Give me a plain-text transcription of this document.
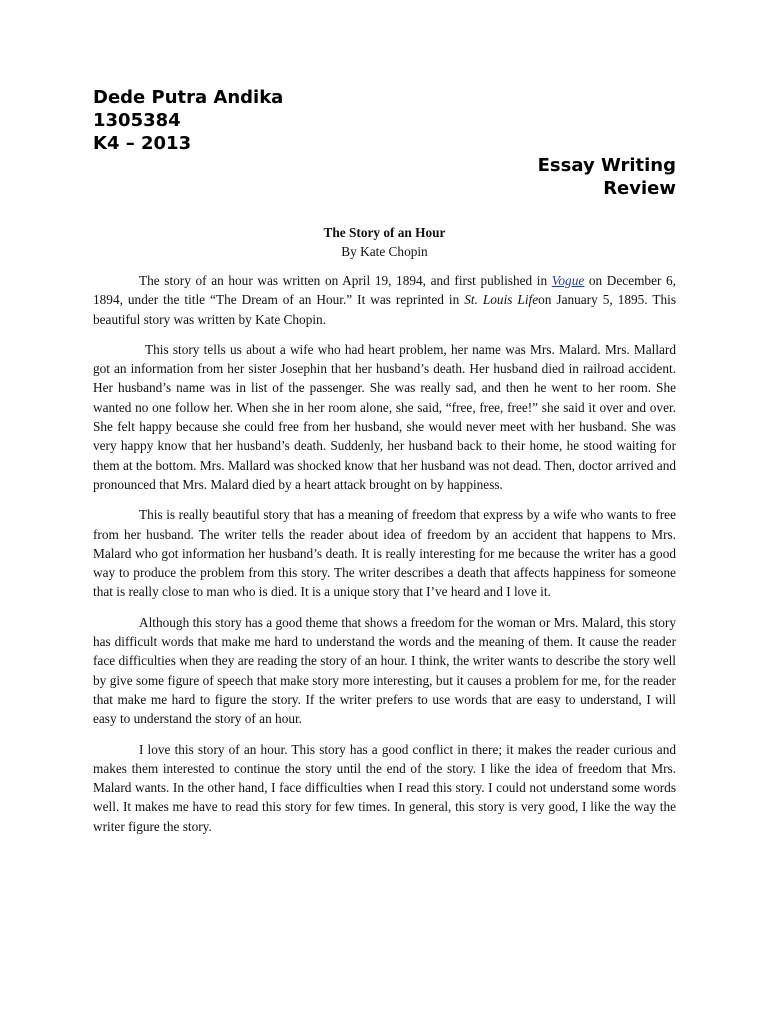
Dede Putra Andika
1305384
K4 – 2013
Essay Writing
Review
The Story of an Hour
By Kate Chopin

The story of an hour was written on April 19, 1894, and first published in Vogue on December 6, 1894, under the title “The Dream of an Hour.” It was reprinted in St. Louis Lifeon January 5, 1895. This beautiful story was written by Kate Chopin.

This story tells us about a wife who had heart problem, her name was Mrs. Malard. Mrs. Mallard got an information from her sister Josephin that her husband’s death. Her husband died in railroad accident. Her husband’s name was in list of the passenger. She was really sad, and then he went to her room. She wanted no one follow her. When she in her room alone, she said, “free, free, free!” she said it over and over. She felt happy because she could free from her husband, she would never meet with her husband. She was very happy know that her husband’s death. Suddenly, her husband back to their home, he stood waiting for them at the bottom. Mrs. Mallard was shocked know that her husband was not dead. Then, doctor arrived and pronounced that Mrs. Malard died by a heart attack brought on by happiness.

This is really beautiful story that has a meaning of freedom that express by a wife who wants to free from her husband. The writer tells the reader about idea of freedom by an accident that happens to Mrs. Malard who got information her husband’s death. It is really interesting for me because the writer has a good way to produce the problem from this story. The writer describes a death that affects happiness for someone that is really close to man who is died. It is a unique story that I’ve heard and I love it.

Although this story has a good theme that shows a freedom for the woman or Mrs. Malard, this story has difficult words that make me hard to understand the words and the meaning of them. It cause the reader face difficulties when they are reading the story of an hour. I think, the writer wants to describe the story well by give some figure of speech that make story more interesting, but it causes a problem for me, for the reader that make me hard to figure the story. If the writer prefers to use words that are easy to understand, I will easy to understand the story of an hour.

I love this story of an hour. This story has a good conflict in there; it makes the reader curious and makes them interested to continue the story until the end of the story. I like the idea of freedom that Mrs. Malard wants. In the other hand, I face difficulties when I read this story. I could not understand some words well. It makes me have to read this story for few times. In general, this story is very good, I like the way the writer figure the story.
